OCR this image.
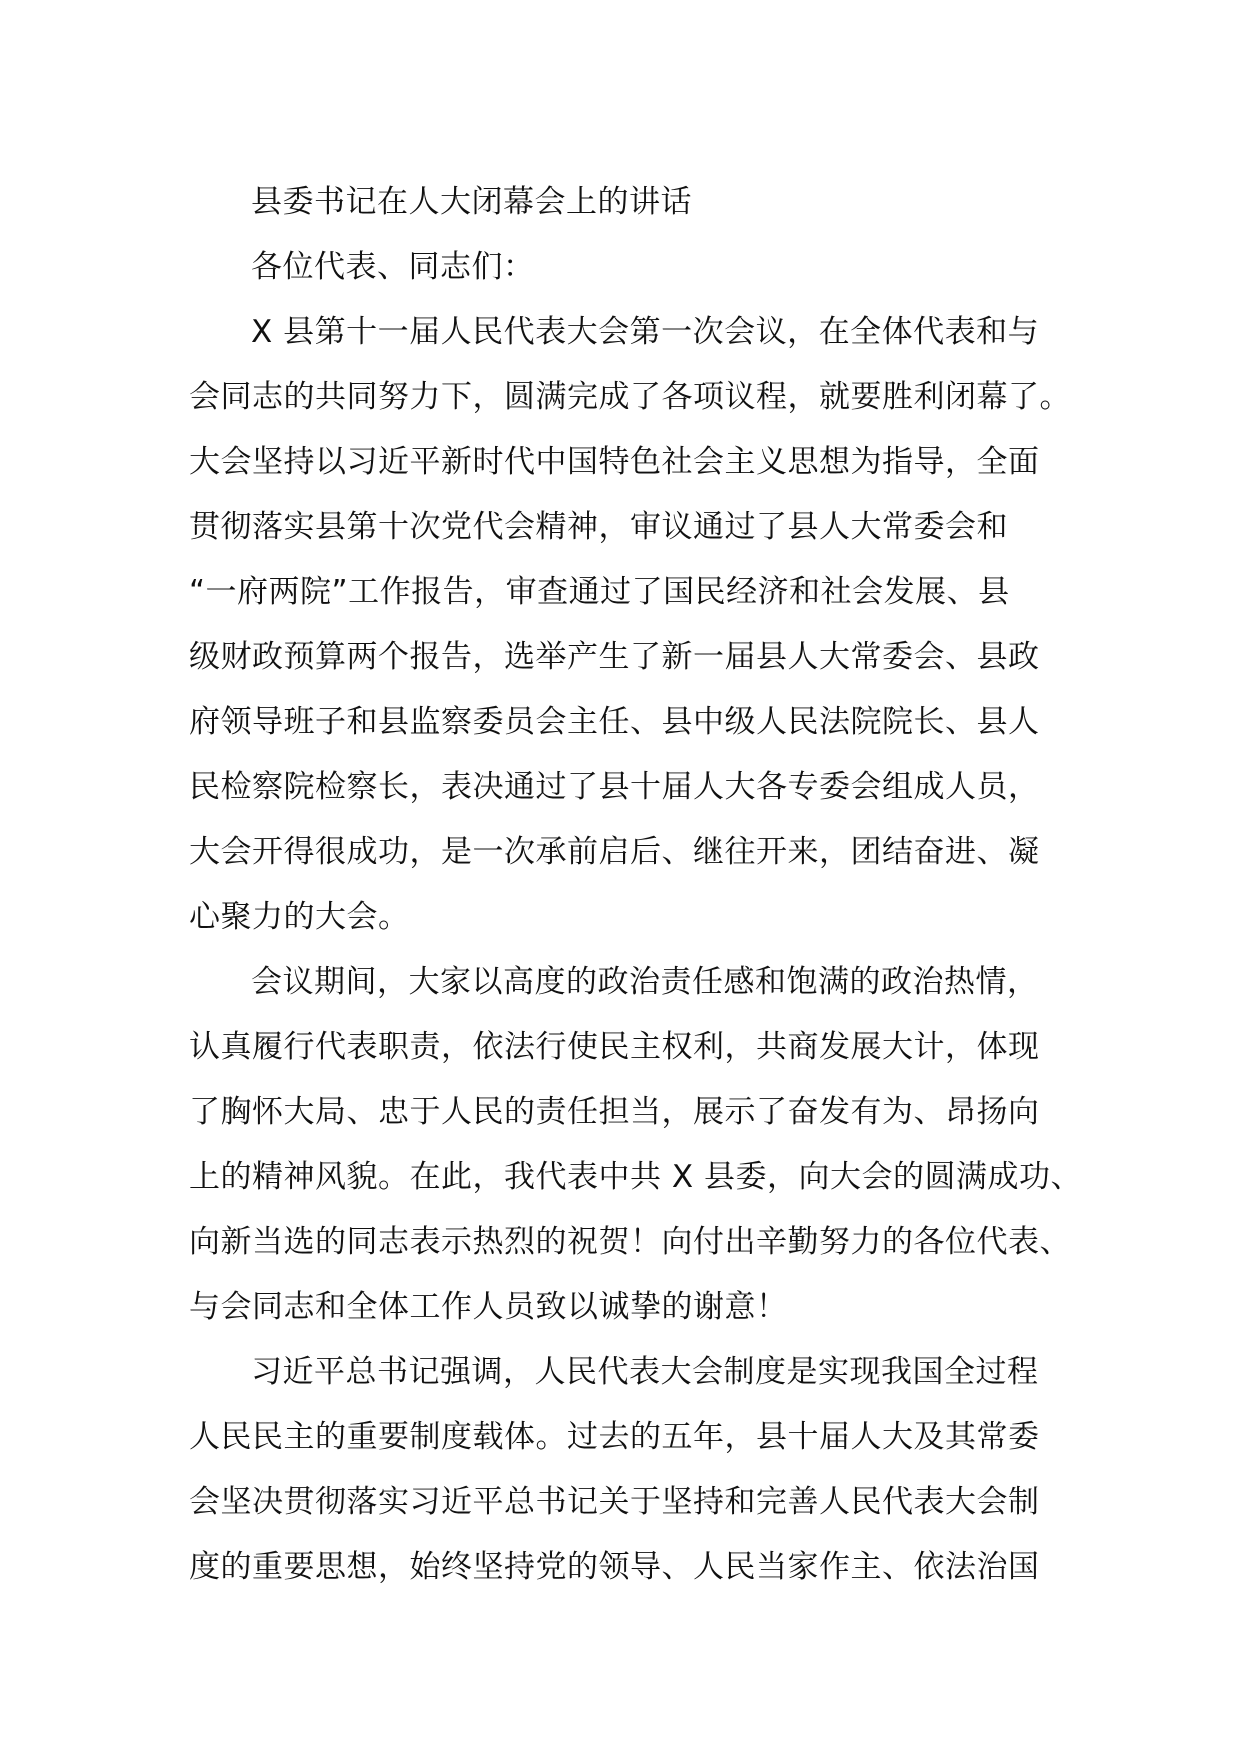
县委书记在人大闭幕会上的讲话

各位代表、同志们：

X 县第十一届人民代表大会第一次会议，在全体代表和与
会同志的共同努力下，圆满完成了各项议程，就要胜利闭幕了。
大会坚持以习近平新时代中国特色社会主义思想为指导，全面
贯彻落实县第十次党代会精神，审议通过了县人大常委会和
“一府两院”工作报告，审查通过了国民经济和社会发展、县
级财政预算两个报告，选举产生了新一届县人大常委会、县政
府领导班子和县监察委员会主任、县中级人民法院院长、县人
民检察院检察长，表决通过了县十届人大各专委会组成人员，
大会开得很成功，是一次承前启后、继往开来，团结奋进、凝
心聚力的大会。

会议期间，大家以高度的政治责任感和饱满的政治热情，
认真履行代表职责，依法行使民主权利，共商发展大计，体现
了胸怀大局、忠于人民的责任担当，展示了奋发有为、昂扬向
上的精神风貌。在此，我代表中共 X 县委，向大会的圆满成功、
向新当选的同志表示热烈的祝贺！向付出辛勤努力的各位代表、
与会同志和全体工作人员致以诚挚的谢意！

习近平总书记强调，人民代表大会制度是实现我国全过程
人民民主的重要制度载体。过去的五年，县十届人大及其常委
会坚决贯彻落实习近平总书记关于坚持和完善人民代表大会制
度的重要思想，始终坚持党的领导、人民当家作主、依法治国
